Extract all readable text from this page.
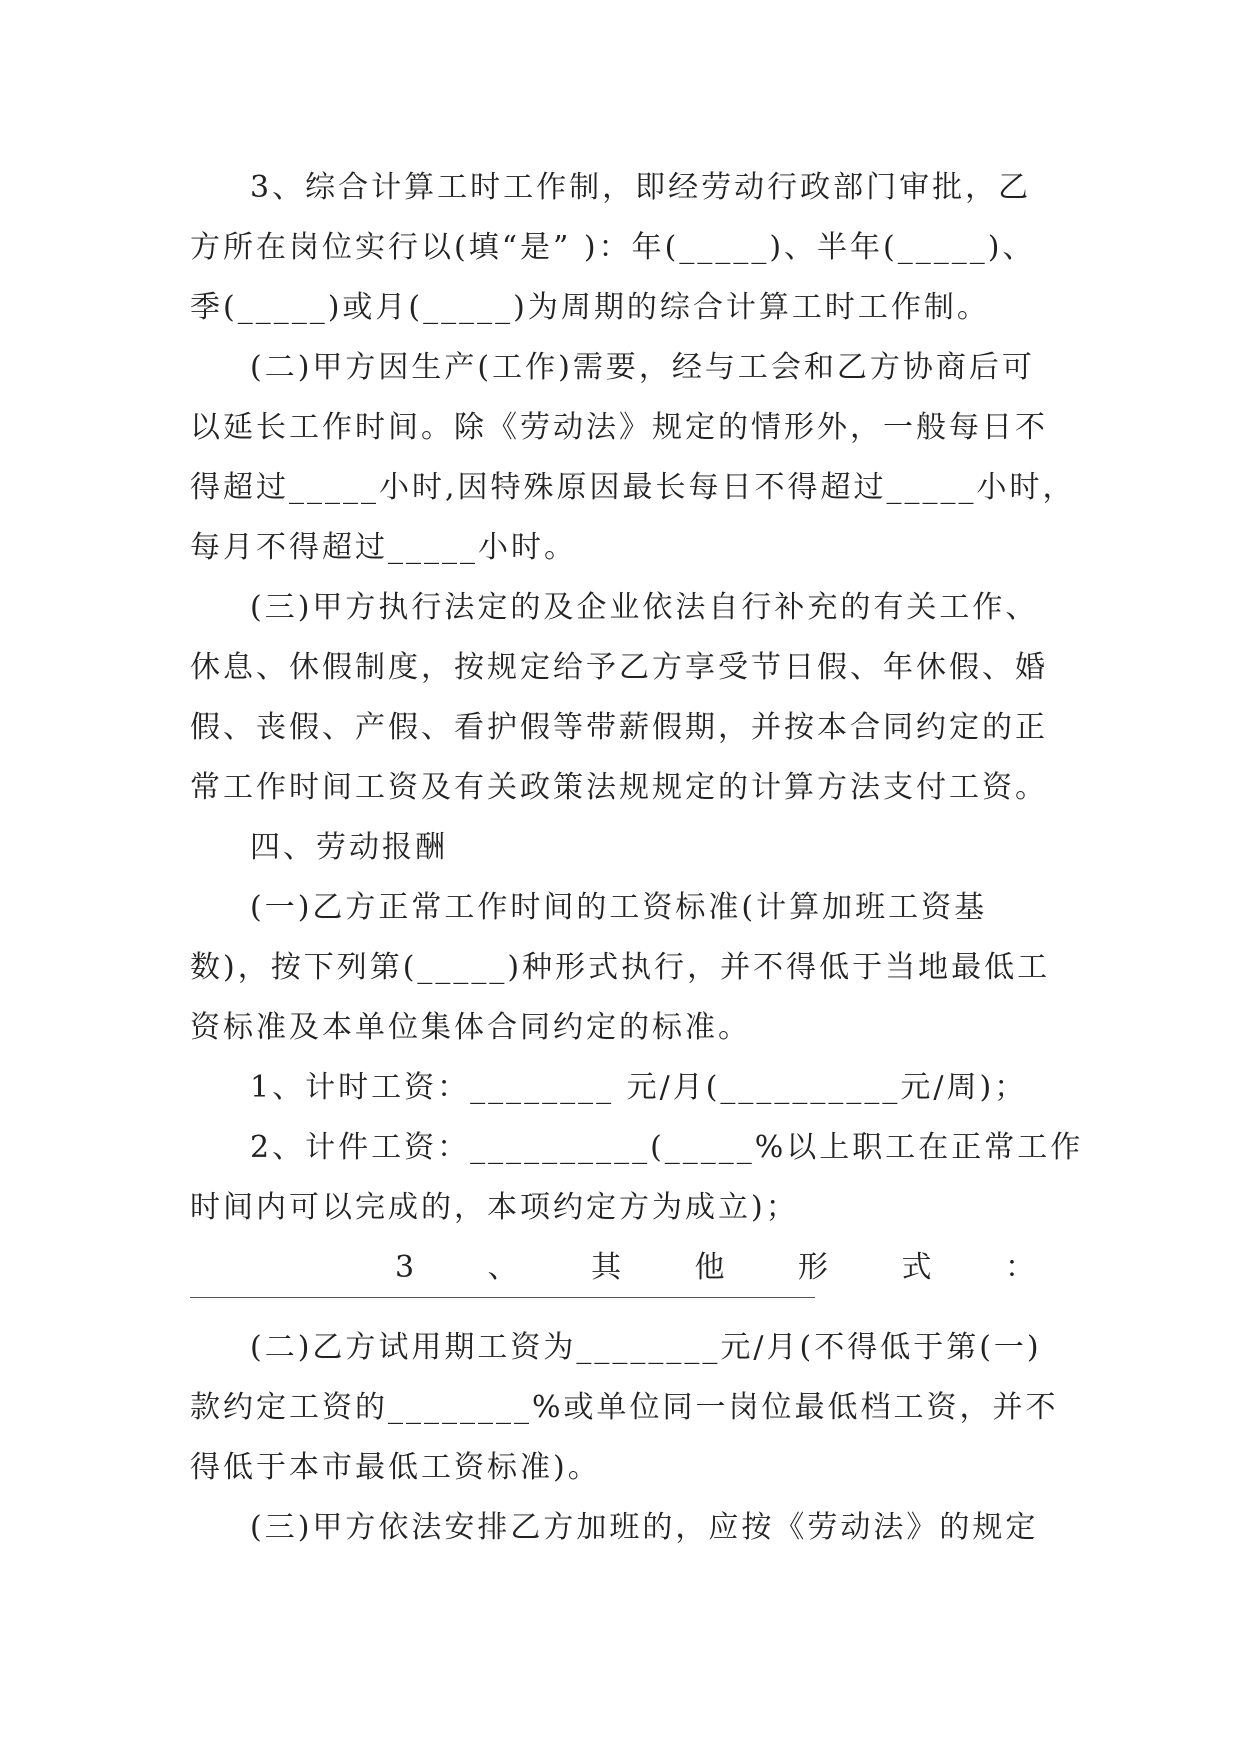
3、综合计算工时工作制，即经劳动行政部门审批，乙
方所在岗位实行以(填“是” )：年(_____)、半年(_____)、
季(_____)或月(_____)为周期的综合计算工时工作制。
(二)甲方因生产(工作)需要，经与工会和乙方协商后可
以延长工作时间。除《劳动法》规定的情形外，一般每日不
得超过_____小时,因特殊原因最长每日不得超过_____小时，
每月不得超过_____小时。
(三)甲方执行法定的及企业依法自行补充的有关工作、
休息、休假制度，按规定给予乙方享受节日假、年休假、婚
假、丧假、产假、看护假等带薪假期，并按本合同约定的正
常工作时间工资及有关政策法规规定的计算方法支付工资。
四、劳动报酬
(一)乙方正常工作时间的工资标准(计算加班工资基
数)，按下列第(_____)种形式执行，并不得低于当地最低工
资标准及本单位集体合同约定的标准。
1、计时工资：________ 元/月(__________元/周)；
2、计件工资：__________(_____%以上职工在正常工作
时间内可以完成的，本项约定方为成立)；
3 、 其 他 形 式 ：
(二)乙方试用期工资为________元/月(不得低于第(一)
款约定工资的________%或单位同一岗位最低档工资，并不
得低于本市最低工资标准)。
(三)甲方依法安排乙方加班的，应按《劳动法》的规定
